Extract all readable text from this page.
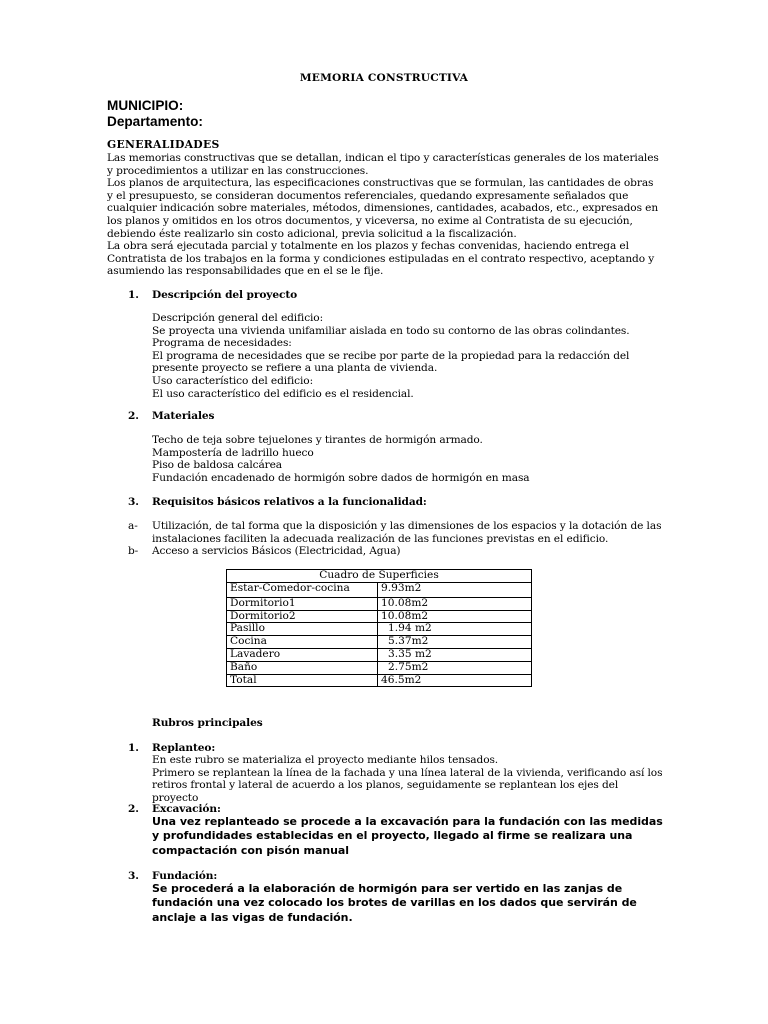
MEMORIA CONSTRUCTIVA
MUNICIPIO:
Departamento:
GENERALIDADES

Las memorias constructivas que se detallan, indican el tipo y características generales de los materiales y procedimientos a utilizar en las construcciones.

Los planos de arquitectura, las especificaciones constructivas que se formulan, las cantidades de obras y el presupuesto, se consideran documentos referenciales, quedando expresamente señalados que cualquier indicación sobre materiales, métodos, dimensiones, cantidades, acabados, etc., expresados en los planos y omitidos en los otros documentos, y viceversa, no exime al Contratista de su ejecución, debiendo éste realizarlo sin costo adicional, previa solicitud a la fiscalización.

La obra será ejecutada parcial y totalmente en los plazos y fechas convenidas, haciendo entrega el Contratista de los trabajos en la forma y condiciones estipuladas en el contrato respectivo, aceptando y asumiendo las responsabilidades que en el se le fije.

1. Descripción del proyecto

Descripción general del edificio:

Se proyecta una vivienda unifamiliar aislada en todo su contorno de las obras colindantes.

Programa de necesidades:

El programa de necesidades que se recibe por parte de la propiedad para la redacción del presente proyecto se refiere a una planta de vivienda.

Uso característico del edificio:

El uso característico del edificio es el residencial.

2. Materiales

Techo de teja sobre tejuelones y tirantes de hormigón armado.

Mampostería de ladrillo hueco

Piso de baldosa calcárea

Fundación encadenado de hormigón sobre dados de hormigón en masa

3. Requisitos básicos relativos a la funcionalidad:
a- Utilización, de tal forma que la disposición y las dimensiones de los espacios y la dotación de las instalaciones faciliten la adecuada realización de las funciones previstas en el edificio.
b- Acceso a servicios Básicos (Electricidad, Agua)
Cuadro de Superficies	
Estar-Comedor-cocina	9.93m2
Dormitorio1	10.08m2
Dormitorio2	10.08m2
Pasillo	1.94 m2
Cocina	5.37m2
Lavadero	3.35 m2
Baño	2.75m2
Total	46.5m2
Rubros principales
1. Replanteo:

En este rubro se materializa el proyecto mediante hilos tensados.

Primero se replantean la línea de la fachada y una línea lateral de la vivienda, verificando así los retiros frontal y lateral de acuerdo a los planos, seguidamente se replantean los ejes del proyecto

2. Excavación:
Una vez replanteado se procede a la excavación para la fundación con las medidas y profundidades establecidas en el proyecto, llegado al firme se realizara una compactación con pisón manual
3. Fundación:
Se procederá a la elaboración de hormigón para ser vertido en las zanjas de fundación una vez colocado los brotes de varillas en los dados que servirán de anclaje a las vigas de fundación.
